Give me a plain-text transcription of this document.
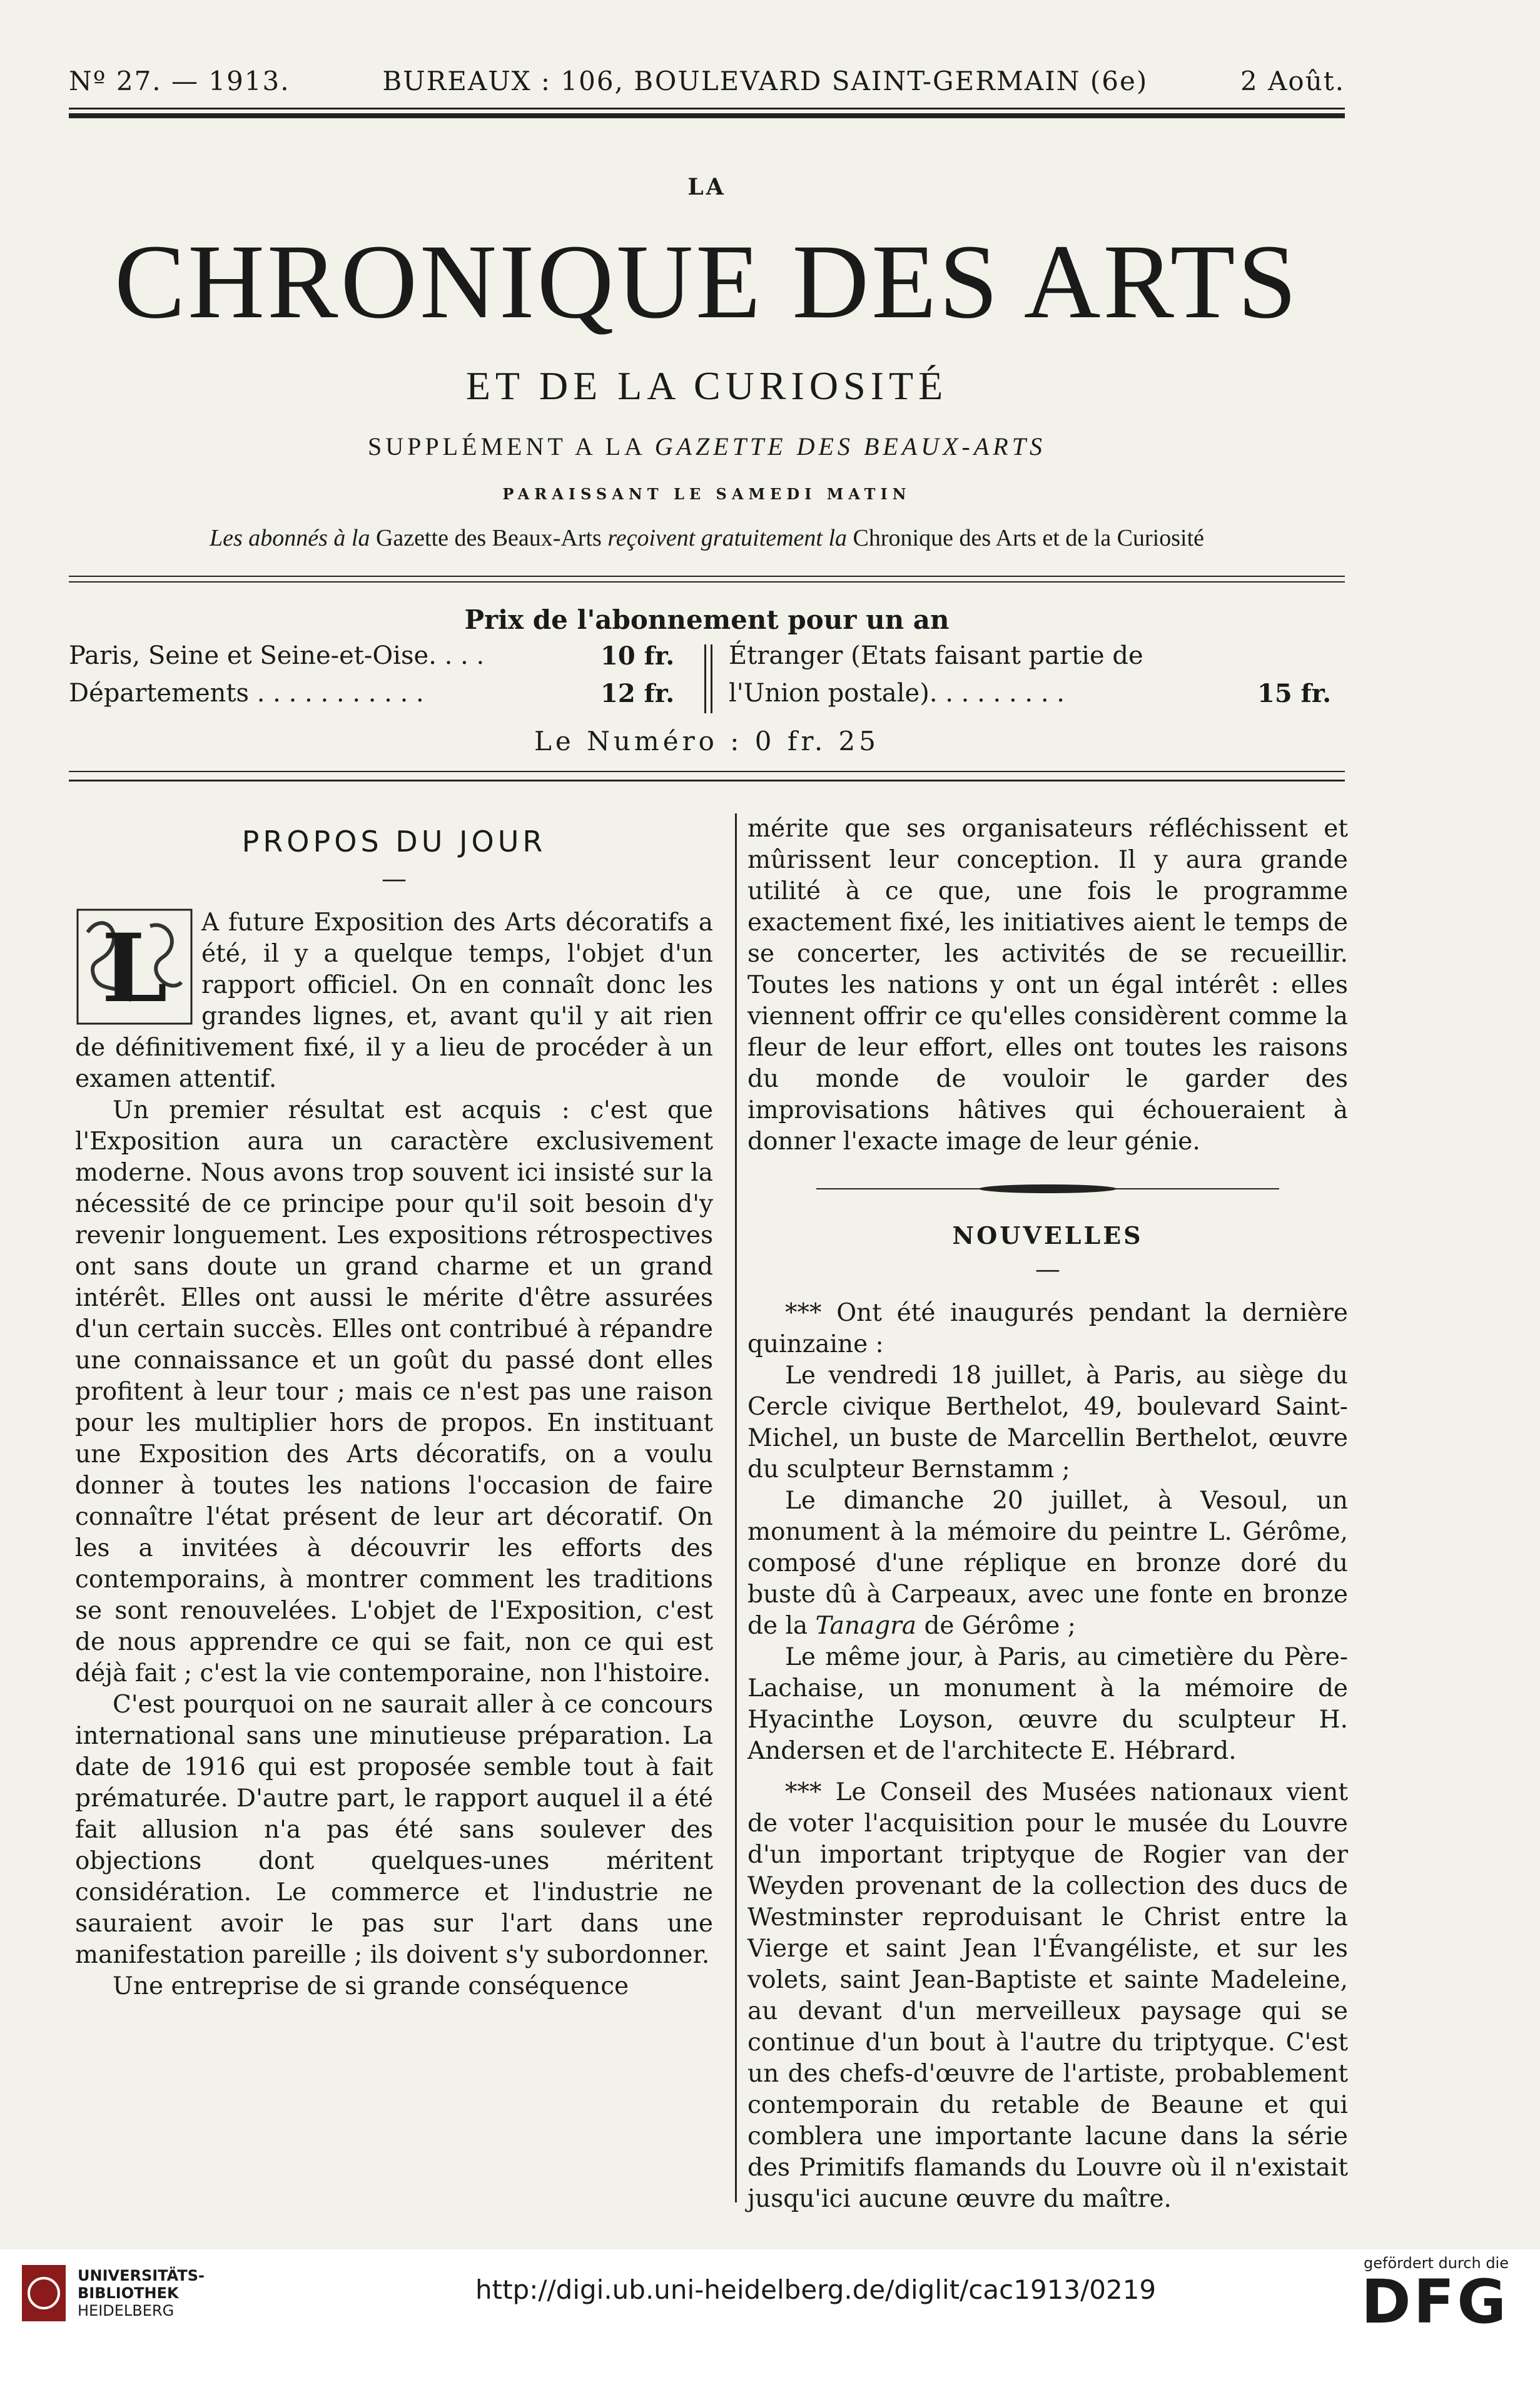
Nº 27. — 1913.	BUREAUX : 106, BOULEVARD SAINT-GERMAIN (6e)	2 Août.
LA
CHRONIQUE DES ARTS
ET DE LA CURIOSITÉ
SUPPLÉMENT A LA GAZETTE DES BEAUX-ARTS
PARAISSANT LE SAMEDI MATIN
Les abonnés à la Gazette des Beaux-Arts reçoivent gratuitement la Chronique des Arts et de la Curiosité
Prix de l'abonnement pour un an
Paris, Seine et Seine-et-Oise. . . .	10 fr.
Départements . . . . . . . . . . .	12 fr.
Étranger (Etats faisant partie de
l'Union postale). . . . . . . . .	15 fr.
Le Numéro : 0 fr. 25
PROPOS DU JOUR
—
L	A future Exposition des Arts décoratifs a été, il y a quelque temps, l'objet d'un rapport officiel. On en connaît donc les grandes lignes, et, avant qu'il y ait rien de définitivement fixé, il y a lieu de procéder à un examen attentif.

Un premier résultat est acquis : c'est que l'Exposition aura un caractère exclusivement moderne. Nous avons trop souvent ici insisté sur la nécessité de ce principe pour qu'il soit besoin d'y revenir longuement. Les expositions rétrospectives ont sans doute un grand charme et un grand intérêt. Elles ont aussi le mérite d'être assurées d'un certain succès. Elles ont contribué à répandre une connaissance et un goût du passé dont elles profitent à leur tour ; mais ce n'est pas une raison pour les multiplier hors de propos. En instituant une Exposition des Arts décoratifs, on a voulu donner à toutes les nations l'occasion de faire connaître l'état présent de leur art décoratif. On les a invitées à découvrir les efforts des contemporains, à montrer comment les traditions se sont renouvelées. L'objet de l'Exposition, c'est de nous apprendre ce qui se fait, non ce qui est déjà fait ; c'est la vie contemporaine, non l'histoire.

C'est pourquoi on ne saurait aller à ce concours international sans une minutieuse préparation. La date de 1916 qui est proposée semble tout à fait prématurée. D'autre part, le rapport auquel il a été fait allusion n'a pas été sans soulever des objections dont quelques-unes méritent considération. Le commerce et l'industrie ne sauraient avoir le pas sur l'art dans une manifestation pareille ; ils doivent s'y subordonner.

Une entreprise de si grande conséquence

mérite que ses organisateurs réfléchissent et mûrissent leur conception. Il y aura grande utilité à ce que, une fois le programme exactement fixé, les initiatives aient le temps de se concerter, les activités de se recueillir. Toutes les nations y ont un égal intérêt : elles viennent offrir ce qu'elles considèrent comme la fleur de leur effort, elles ont toutes les raisons du monde de vouloir le garder des improvisations hâtives qui échoueraient à donner l'exacte image de leur génie.

NOUVELLES
—

*** Ont été inaugurés pendant la dernière quinzaine :

Le vendredi 18 juillet, à Paris, au siège du Cercle civique Berthelot, 49, boulevard Saint-Michel, un buste de Marcellin Berthelot, œuvre du sculpteur Bernstamm ;

Le dimanche 20 juillet, à Vesoul, un monument à la mémoire du peintre L. Gérôme, composé d'une réplique en bronze doré du buste dû à Carpeaux, avec une fonte en bronze de la Tanagra de Gérôme ;

Le même jour, à Paris, au cimetière du Père-Lachaise, un monument à la mémoire de Hyacinthe Loyson, œuvre du sculpteur H. Andersen et de l'architecte E. Hébrard.

*** Le Conseil des Musées nationaux vient de voter l'acquisition pour le musée du Louvre d'un important triptyque de Rogier van der Weyden provenant de la collection des ducs de Westminster reproduisant le Christ entre la Vierge et saint Jean l'Évangéliste, et sur les volets, saint Jean-Baptiste et sainte Madeleine, au devant d'un merveilleux paysage qui se continue d'un bout à l'autre du triptyque. C'est un des chefs-d'œuvre de l'artiste, probablement contemporain du retable de Beaune et qui comblera une importante lacune dans la série des Primitifs flamands du Louvre où il n'existait jusqu'ici aucune œuvre du maître.

UNIVERSITÄTS-
BIBLIOTHEK
HEIDELBERG
http://digi.ub.uni-heidelberg.de/diglit/cac1913/0219
gefördert durch die
DFG
